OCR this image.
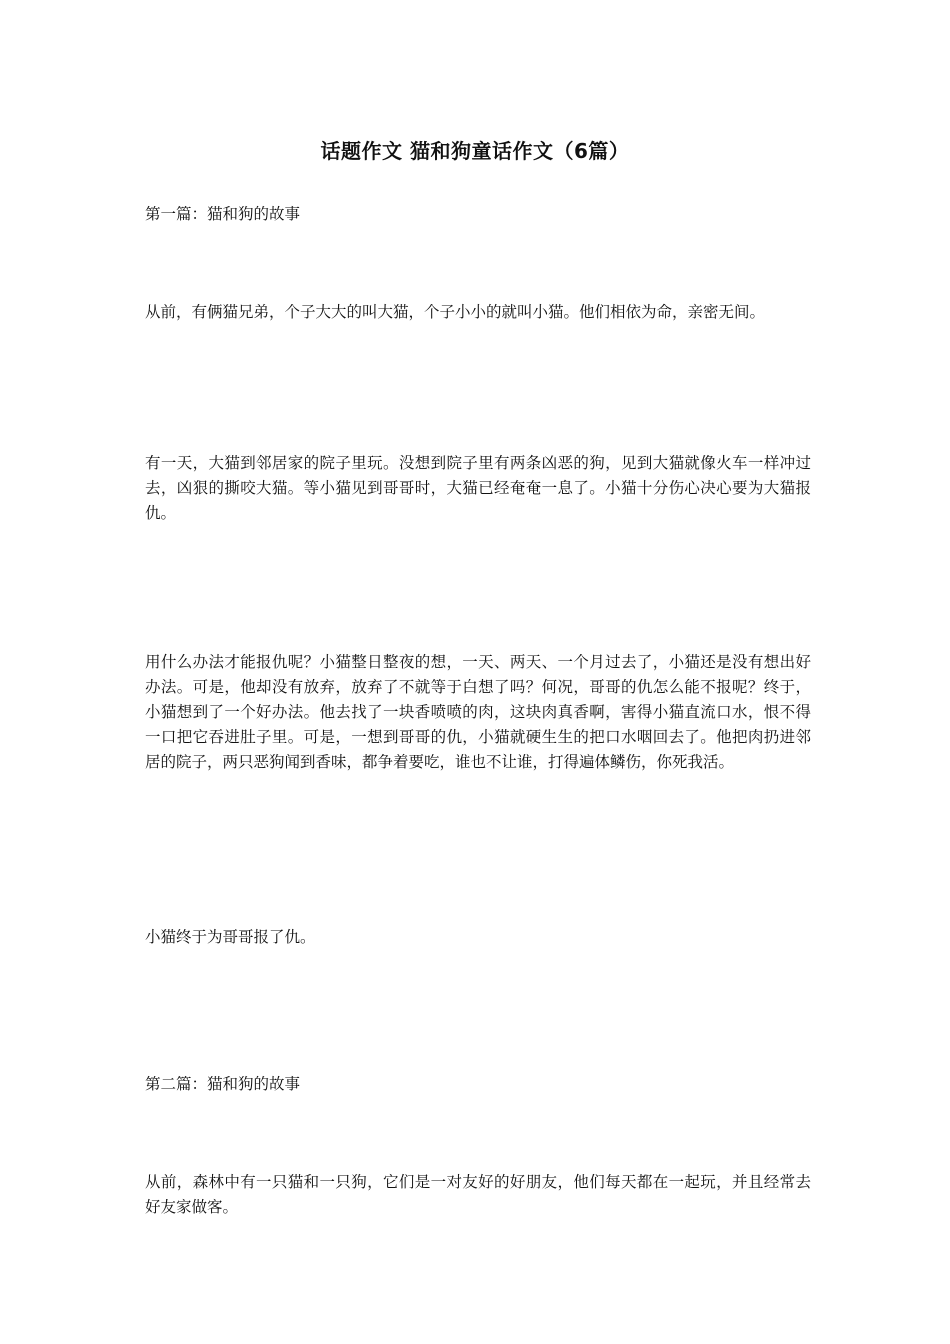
话题作文 猫和狗童话作文（6篇）

第一篇：猫和狗的故事

从前，有俩猫兄弟，个子大大的叫大猫，个子小小的就叫小猫。他们相依为命，亲密无间。

有一天，大猫到邻居家的院子里玩。没想到院子里有两条凶恶的狗，见到大猫就像火车一样冲过去，凶狠的撕咬大猫。等小猫见到哥哥时，大猫已经奄奄一息了。小猫十分伤心决心要为大猫报仇。

用什么办法才能报仇呢？小猫整日整夜的想，一天、两天、一个月过去了，小猫还是没有想出好办法。可是，他却没有放弃，放弃了不就等于白想了吗？何况，哥哥的仇怎么能不报呢？终于，小猫想到了一个好办法。他去找了一块香喷喷的肉，这块肉真香啊，害得小猫直流口水，恨不得一口把它吞进肚子里。可是，一想到哥哥的仇，小猫就硬生生的把口水咽回去了。他把肉扔进邻居的院子，两只恶狗闻到香味，都争着要吃，谁也不让谁，打得遍体鳞伤，你死我活。

小猫终于为哥哥报了仇。

第二篇：猫和狗的故事

从前，森林中有一只猫和一只狗，它们是一对友好的好朋友，他们每天都在一起玩，并且经常去好友家做客。
